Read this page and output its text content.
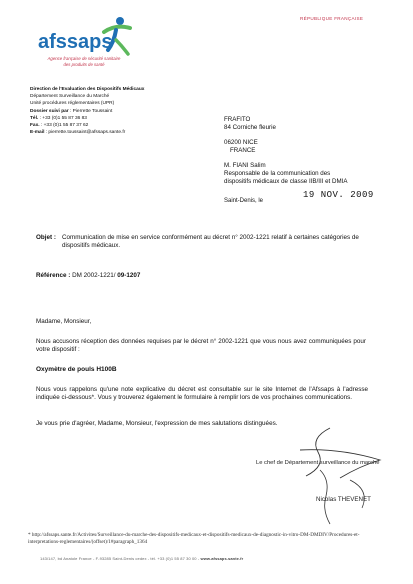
RÉPUBLIQUE FRANÇAISE
afssaps
Agence française de sécurité sanitaire
des produits de santé
Direction de l'Evaluation des Dispositifs Médicaux
Département Surveillance du Marché
Unité procédures réglementaires (UPR)
Dossier suivi par : Pierrette Toussaint
Tél. : +33 (0)1 55 87 36 83
Fax. : +33 (0)1 55 87 37 62
E-mail : pierrette.toussaint@afssaps.sante.fr
FRAFITO
84 Corniche fleurie
06200 NICE
FRANCE
M. FIANI Salim
Responsable de la communication des
dispositifs médicaux de classe IIB/III et DMIA
Saint-Denis, le
19 NOV. 2009
Objet : Communication de mise en service conformément au décret n° 2002-1221 relatif à certaines catégories de dispositifs médicaux.
Référence : DM 2002-1221/ 09-1207
Madame, Monsieur,
Nous accusons réception des données requises par le décret n° 2002-1221 que vous nous avez communiquées pour votre dispositif :
Oxymètre de pouls H100B
Nous vous rappelons qu'une note explicative du décret est consultable sur le site Internet de l'Afssaps à l'adresse indiquée ci-dessous*. Vous y trouverez également le formulaire à remplir lors de vos prochaines communications.
Je vous prie d'agréer, Madame, Monsieur, l'expression de mes salutations distinguées.
Le chef de Département surveillance du marché
Nicolas THEVENET
* http://afssaps.sante.fr/Activites/Surveillance-du-marche-des-dispositifs-medicaux-et-dispositifs-medicaux-de-diagnostic-in-vitro-DM-DMDIV/Procedures-et-interpretations-reglementaires/(offset)/1#paragraph_1364
143/147, bd Anatole France - F-93285 Saint-Denis cedex - tél. +33 (0)1 55 87 30 00 - www.afssaps.sante.fr
